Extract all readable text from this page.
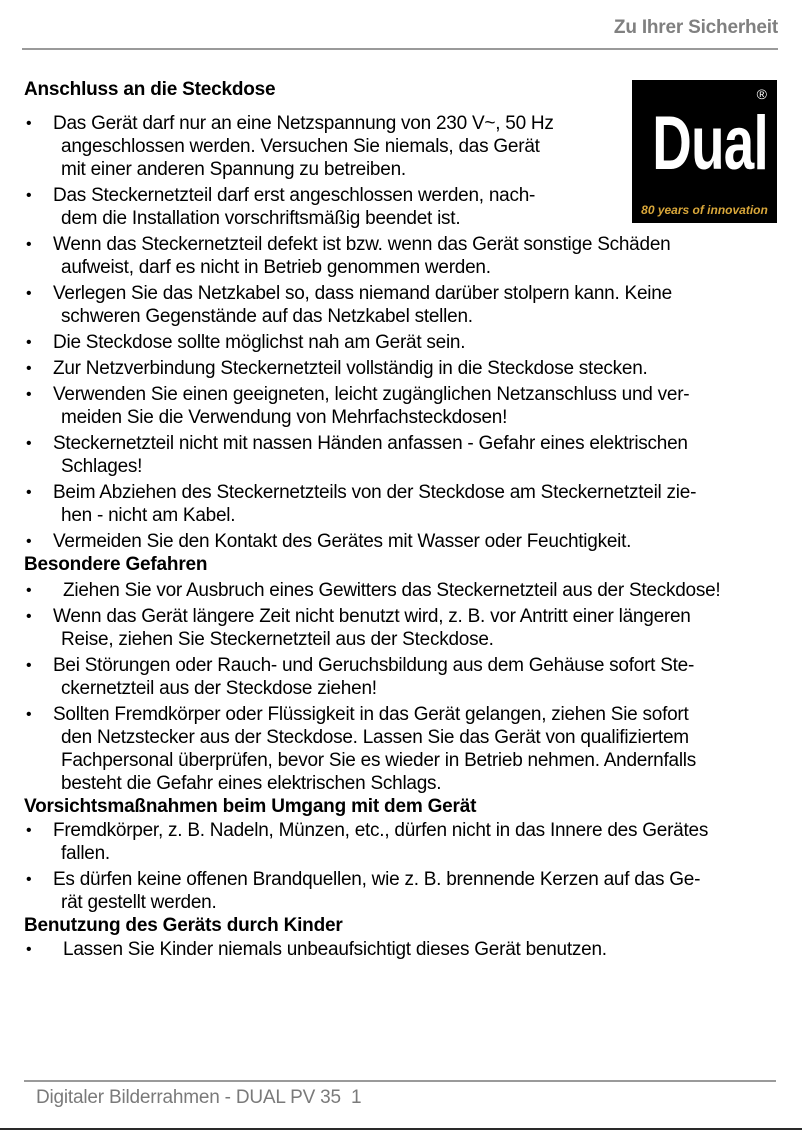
Zu Ihrer Sicherheit
®
Dual
80 years of innovation
Anschluss an die Steckdose
• Das Gerät darf nur an eine Netzspannung von 230 V~, 50 Hz
angeschlossen werden. Versuchen Sie niemals, das Gerät
mit einer anderen Spannung zu betreiben.
• Das Steckernetzteil darf erst angeschlossen werden, nach-
dem die Installation vorschriftsmäßig beendet ist.
• Wenn das Steckernetzteil defekt ist bzw. wenn das Gerät sonstige Schäden
aufweist, darf es nicht in Betrieb genommen werden.
• Verlegen Sie das Netzkabel so, dass niemand darüber stolpern kann. Keine
schweren Gegenstände auf das Netzkabel stellen.
• Die Steckdose sollte möglichst nah am Gerät sein.
• Zur Netzverbindung Steckernetzteil vollständig in die Steckdose stecken.
• Verwenden Sie einen geeigneten, leicht zugänglichen Netzanschluss und ver-
meiden Sie die Verwendung von Mehrfachsteckdosen!
• Steckernetzteil nicht mit nassen Händen anfassen - Gefahr eines elektrischen
Schlages!
• Beim Abziehen des Steckernetzteils von der Steckdose am Steckernetzteil zie-
hen - nicht am Kabel.
• Vermeiden Sie den Kontakt des Gerätes mit Wasser oder Feuchtigkeit.
Besondere Gefahren
•	Ziehen Sie vor Ausbruch eines Gewitters das Steckernetzteil aus der Steckdose!
• Wenn das Gerät längere Zeit nicht benutzt wird, z. B. vor Antritt einer längeren
Reise, ziehen Sie Steckernetzteil aus der Steckdose.
• Bei Störungen oder Rauch- und Geruchsbildung aus dem Gehäuse sofort Ste-
ckernetzteil aus der Steckdose ziehen!
• Sollten Fremdkörper oder Flüssigkeit in das Gerät gelangen, ziehen Sie sofort
den Netzstecker aus der Steckdose. Lassen Sie das Gerät von qualifiziertem
Fachpersonal überprüfen, bevor Sie es wieder in Betrieb nehmen. Andernfalls
besteht die Gefahr eines elektrischen Schlags.
Vorsichtsmaßnahmen beim Umgang mit dem Gerät
• Fremdkörper, z. B. Nadeln, Münzen, etc., dürfen nicht in das Innere des Gerätes
fallen.
• Es dürfen keine offenen Brandquellen, wie z. B. brennende Kerzen auf das Ge-
rät gestellt werden.
Benutzung des Geräts durch Kinder
•	Lassen Sie Kinder niemals unbeaufsichtigt dieses Gerät benutzen.
Digitaler Bilderrahmen - DUAL PV 35  1
